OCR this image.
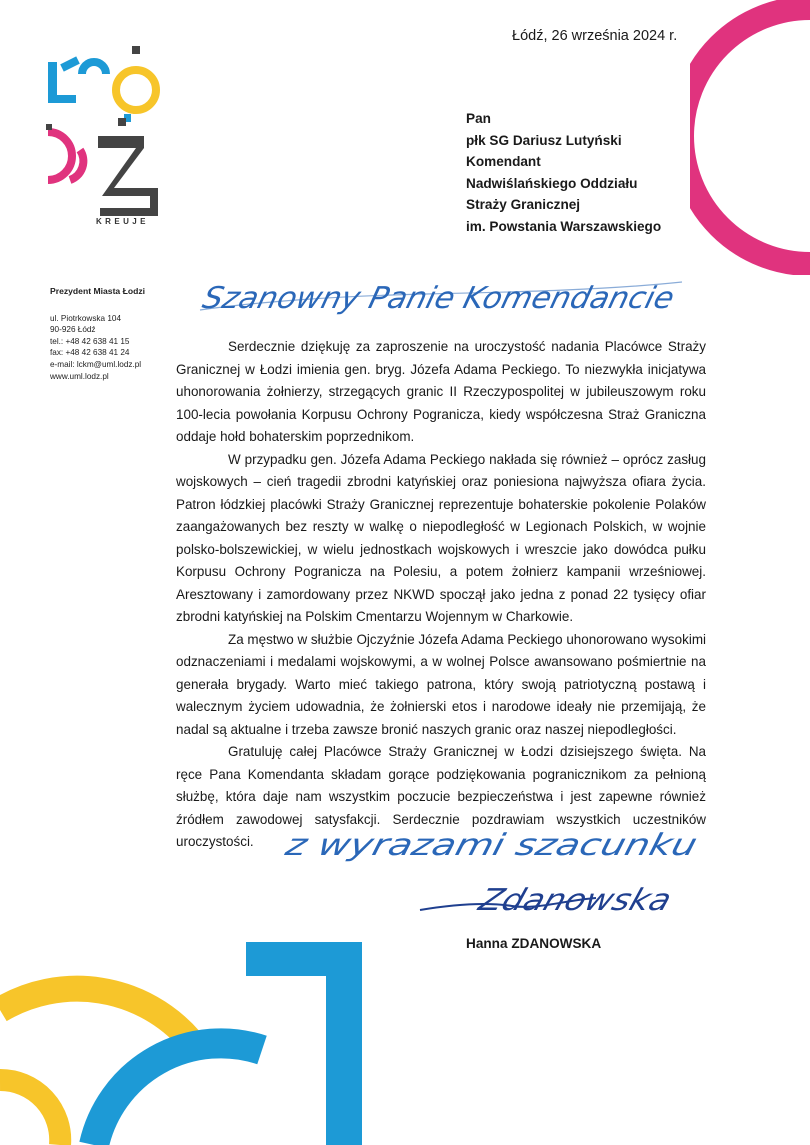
KREUJE
Łódź, 26 września 2024 r.
Pan
płk SG Dariusz Lutyński
Komendant
Nadwiślańskiego Oddziału
Straży Granicznej
im. Powstania Warszawskiego
Prezydent Miasta Łodzi
ul. Piotrkowska 104
90-926 Łódź
tel.: +48 42 638 41 15
fax: +48 42 638 41 24
e-mail: lckm@uml.lodz.pl
www.uml.lodz.pl
Szanowny Panie Komendancie

Serdecznie dziękuję za zaproszenie na uroczystość nadania Placówce Straży Granicznej w Łodzi imienia gen. bryg. Józefa Adama Peckiego. To niezwykła inicjatywa uhonorowania żołnierzy, strzegących granic II Rzeczypospolitej w jubileuszowym roku 100-lecia powołania Korpusu Ochrony Pogranicza, kiedy współczesna Straż Graniczna oddaje hołd bohaterskim poprzednikom.

W przypadku gen. Józefa Adama Peckiego nakłada się również – oprócz zasług wojskowych – cień tragedii zbrodni katyńskiej oraz poniesiona najwyższa ofiara życia. Patron łódzkiej placówki Straży Granicznej reprezentuje bohaterskie pokolenie Polaków zaangażowanych bez reszty w walkę o niepodległość w Legionach Polskich, w wojnie polsko-bolszewickiej, w wielu jednostkach wojskowych i wreszcie jako dowódca pułku Korpusu Ochrony Pogranicza na Polesiu, a potem żołnierz kampanii wrześniowej. Aresztowany i zamordowany przez NKWD spoczął jako jedna z ponad 22 tysięcy ofiar zbrodni katyńskiej na Polskim Cmentarzu Wojennym w Charkowie.

Za męstwo w służbie Ojczyźnie Józefa Adama Peckiego uhonorowano wysokimi odznaczeniami i medalami wojskowymi, a w wolnej Polsce awansowano pośmiertnie na generała brygady. Warto mieć takiego patrona, który swoją patriotyczną postawą i walecznym życiem udowadnia, że żołnierski etos i narodowe ideały nie przemijają, że nadal są aktualne i trzeba zawsze bronić naszych granic oraz naszej niepodległości.

Gratuluję całej Placówce Straży Granicznej w Łodzi dzisiejszego święta. Na ręce Pana Komendanta składam gorące podziękowania pogranicznikom za pełnioną służbę, która daje nam wszystkim poczucie bezpieczeństwa i jest zapewne również źródłem zawodowej satysfakcji. Serdecznie pozdrawiam wszystkich uczestników uroczystości. z wyrazami szacunku
Zdanowska
Hanna ZDANOWSKA
